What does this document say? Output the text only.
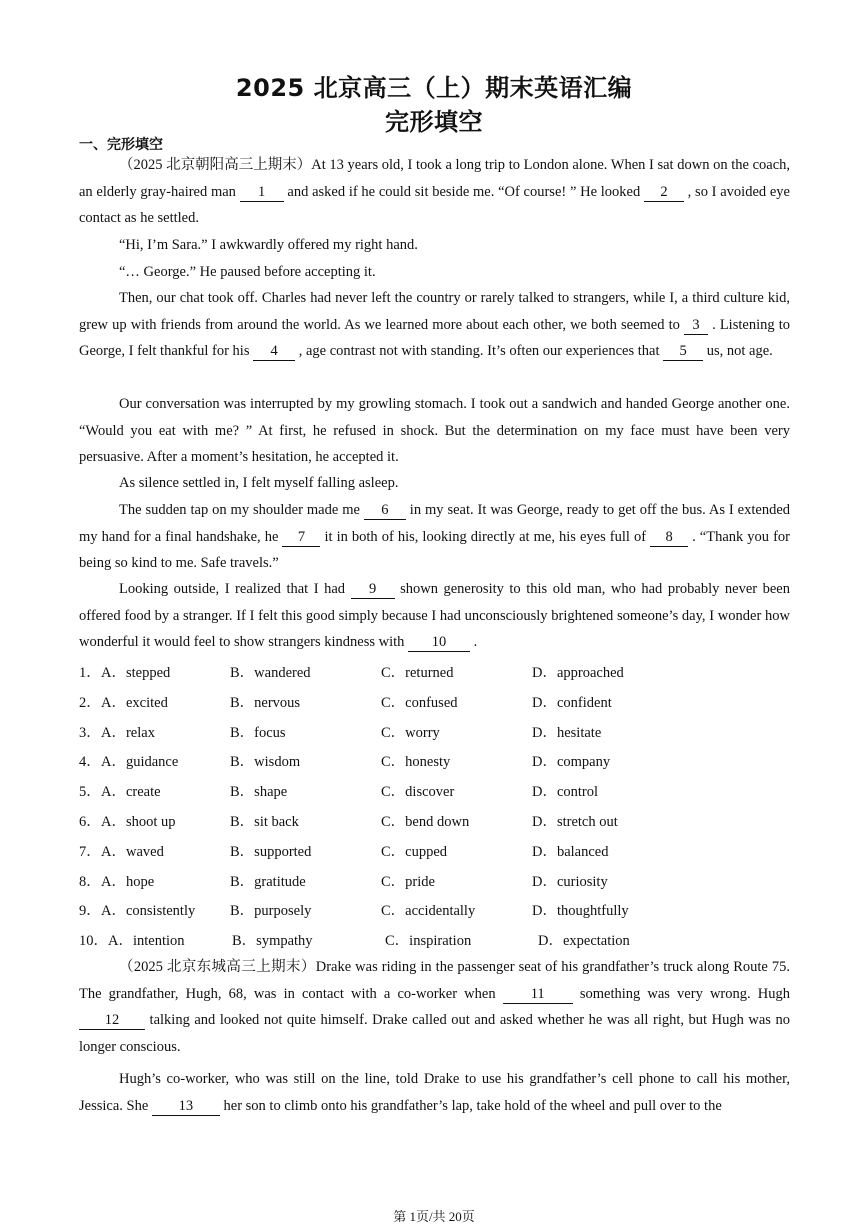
2025 北京高三（上）期末英语汇编
完形填空
一、完形填空
（2025 北京朝阳高三上期末）At 13 years old, I took a long trip to London alone. When I sat down on the coach, an elderly gray-haired man 1 and asked if he could sit beside me. “Of course! ” He looked 2 , so I avoided eye contact as he settled.
“Hi, I’m Sara.” I awkwardly offered my right hand.
“… George.” He paused before accepting it.
Then, our chat took off. Charles had never left the country or rarely talked to strangers, while I, a third culture kid, grew up with friends from around the world. As we learned more about each other, we both seemed to 3 . Listening to George, I felt thankful for his 4 , age contrast not with standing. It’s often our experiences that 5 us, not age.
Our conversation was interrupted by my growling stomach. I took out a sandwich and handed George another one. “Would you eat with me? ” At first, he refused in shock. But the determination on my face must have been very persuasive. After a moment’s hesitation, he accepted it.
As silence settled in, I felt myself falling asleep.
The sudden tap on my shoulder made me 6 in my seat. It was George, ready to get off the bus. As I extended my hand for a final handshake, he 7 it in both of his, looking directly at me, his eyes full of 8 . “Thank you for being so kind to me. Safe travels.”
Looking outside, I realized that I had 9 shown generosity to this old man, who had probably never been offered food by a stranger. If I felt this good simply because I had unconsciously brightened someone’s day, I wonder how wonderful it would feel to show strangers kindness with 10 .
1． A．stepped	B．wandered	C．returned	D．approached
2． A．excited	B．nervous	C．confused	D．confident
3． A．relax	B．focus	C．worry	D．hesitate
4． A．guidance	B．wisdom	C．honesty	D．company
5． A．create	B．shape	C．discover	D．control
6． A．shoot up	B．sit back	C．bend down	D．stretch out
7． A．waved	B．supported	C．cupped	D．balanced
8． A．hope	B．gratitude	C．pride	D．curiosity
9． A．consistently B．purposely	C．accidentally	D．thoughtfully
10． A．intention	B．sympathy	C．inspiration	D．expectation
（2025 北京东城高三上期末）Drake was riding in the passenger seat of his grandfather’s truck along Route 75. The grandfather, Hugh, 68, was in contact with a co-worker when 11 something was very wrong. Hugh 12 talking and looked not quite himself. Drake called out and asked whether he was all right, but Hugh was no longer conscious.
Hugh’s co-worker, who was still on the line, told Drake to use his grandfather’s cell phone to call his mother, Jessica. She 13 her son to climb onto his grandfather’s lap, take hold of the wheel and pull over to the
第 1页/共 20页
